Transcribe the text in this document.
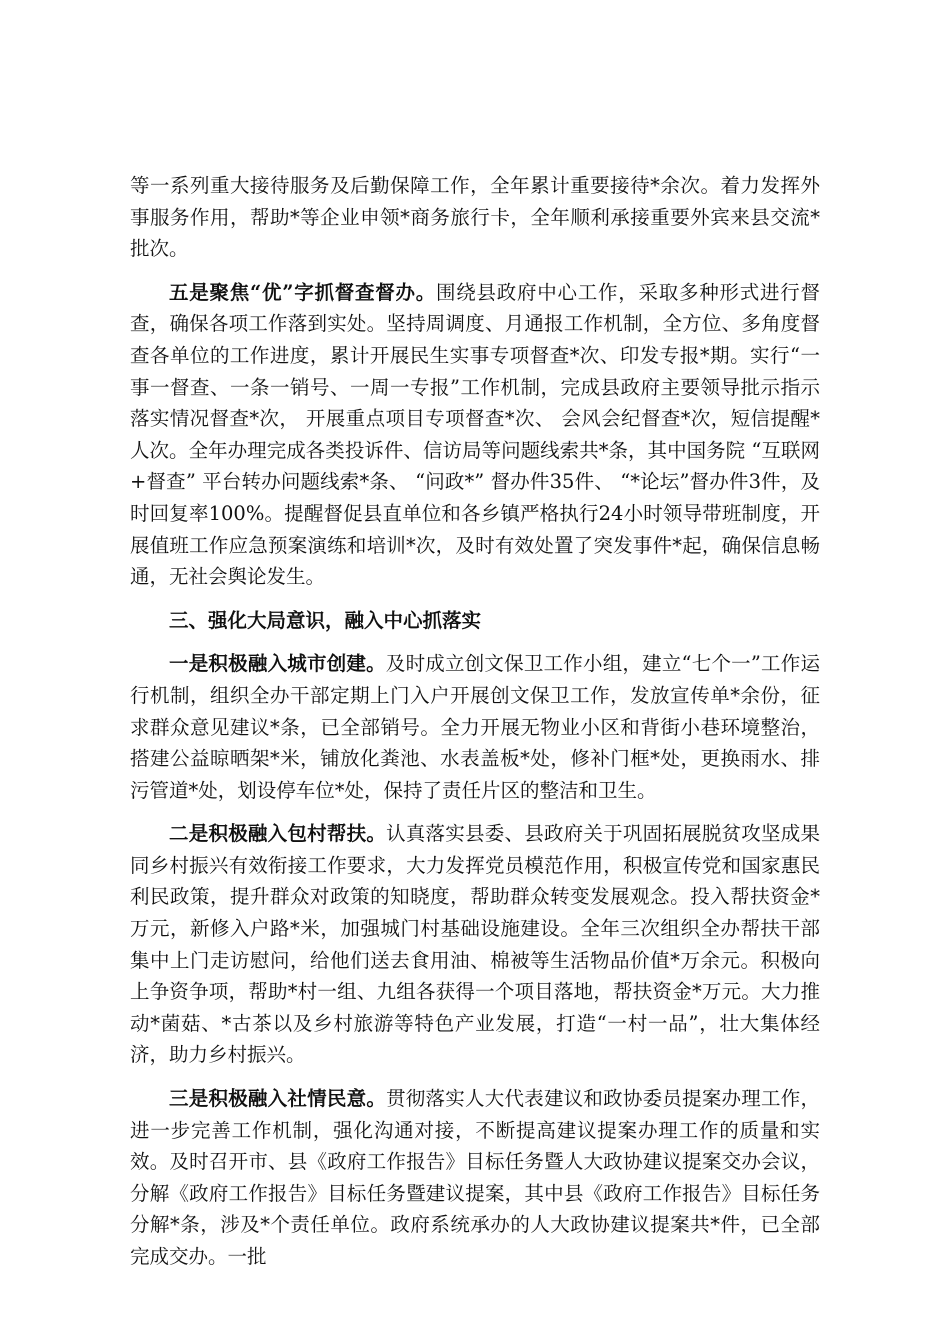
等一系列重大接待服务及后勤保障工作，全年累计重要接待*余次。着力发挥外事服务作用，帮助*等企业申领*商务旅行卡，全年顺利承接重要外宾来县交流*批次。

五是聚焦“优”字抓督查督办。围绕县政府中心工作，采取多种形式进行督查，确保各项工作落到实处。坚持周调度、月通报工作机制，全方位、多角度督查各单位的工作进度，累计开展民生实事专项督查*次、印发专报*期。实行“一事一督查、一条一销号、一周一专报”工作机制，完成县政府主要领导批示指示落实情况督查*次， 开展重点项目专项督查*次、 会风会纪督查*次，短信提醒*人次。全年办理完成各类投诉件、信访局等问题线索共*条，其中国务院 “互联网+督查” 平台转办问题线索*条、 “问政*” 督办件35件、 “*论坛”督办件3件，及时回复率100%。提醒督促县直单位和各乡镇严格执行24小时领导带班制度，开展值班工作应急预案演练和培训*次，及时有效处置了突发事件*起，确保信息畅通，无社会舆论发生。

三、强化大局意识，融入中心抓落实

一是积极融入城市创建。及时成立创文保卫工作小组，建立“七个一”工作运行机制，组织全办干部定期上门入户开展创文保卫工作，发放宣传单*余份，征求群众意见建议*条，已全部销号。全力开展无物业小区和背街小巷环境整治，搭建公益晾晒架*米，铺放化粪池、水表盖板*处，修补门框*处，更换雨水、排污管道*处，划设停车位*处，保持了责任片区的整洁和卫生。

二是积极融入包村帮扶。认真落实县委、县政府关于巩固拓展脱贫攻坚成果同乡村振兴有效衔接工作要求，大力发挥党员模范作用，积极宣传党和国家惠民利民政策，提升群众对政策的知晓度，帮助群众转变发展观念。投入帮扶资金*万元，新修入户路*米，加强城门村基础设施建设。全年三次组织全办帮扶干部集中上门走访慰问，给他们送去食用油、棉被等生活物品价值*万余元。积极向上争资争项，帮助*村一组、九组各获得一个项目落地，帮扶资金*万元。大力推动*菌菇、*古茶以及乡村旅游等特色产业发展，打造“一村一品”，壮大集体经济，助力乡村振兴。

三是积极融入社情民意。贯彻落实人大代表建议和政协委员提案办理工作，进一步完善工作机制，强化沟通对接，不断提高建议提案办理工作的质量和实效。及时召开市、县《政府工作报告》目标任务暨人大政协建议提案交办会议，分解《政府工作报告》目标任务暨建议提案，其中县《政府工作报告》目标任务分解*条，涉及*个责任单位。政府系统承办的人大政协建议提案共*件，已全部完成交办。一批
